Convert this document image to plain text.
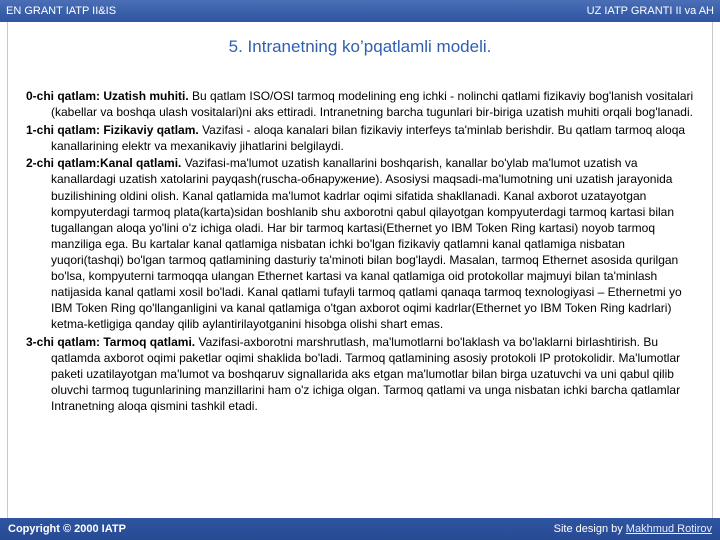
EN GRANT IATP II&IS	UZ IATP GRANTI II va AH
5. Intranetning ko’pqatlamli modeli.

0-chi qatlam: Uzatish muhiti. Bu qatlam ISO/OSI tarmoq modelining eng ichki - nolinchi qatlami fizikaviy bog'lanish vositalari (kabellar va boshqa ulash vositalari)ni aks ettiradi. Intranetning barcha tugunlari bir-biriga uzatish muhiti orqali bog'lanadi.

1-chi qatlam: Fizikaviy qatlam. Vazifasi - aloqa kanalari bilan fizikaviy interfeys ta'minlab berishdir. Bu qatlam tarmoq aloqa kanallarining elektr va mexanikaviy jihatlarini belgilaydi.

2-chi qatlam:Kanal qatlami. Vazifasi-ma'lumot uzatish kanallarini boshqarish, kanallar bo'ylab ma'lumot uzatish va kanallardagi uzatish xatolarini payqash(ruscha-обнаружение). Asosiysi maqsadi-ma'lumotning uni uzatish jarayonida buzilishining oldini olish. Kanal qatlamida ma'lumot kadrlar oqimi sifatida shakllanadi. Kanal axborot uzatayotgan kompyuterdagi tarmoq plata(karta)sidan boshlanib shu axborotni qabul qilayotgan kompyuterdagi tarmoq kartasi bilan tugallangan aloqa yo'lini o'z ichiga oladi. Har bir tarmoq kartasi(Ethernet yo IBM Token Ring kartasi) noyob tarmoq manziliga ega. Bu kartalar kanal qatlamiga nisbatan ichki bo'lgan fizikaviy qatlamni kanal qatlamiga nisbatan yuqori(tashqi) bo'lgan tarmoq qatlamining dasturiy ta'minoti bilan bog'laydi. Masalan, tarmoq Ethernet asosida qurilgan bo'lsa, kompyuterni tarmoqqa ulangan Ethernet kartasi va kanal qatlamiga oid protokollar majmuyi bilan ta'minlash natijasida kanal qatlami xosil bo'ladi. Kanal qatlami tufayli tarmoq qatlami qanaqa tarmoq texnologiyasi – Ethernetmi yo IBM Token Ring qo'llanganligini va kanal qatlamiga o'tgan axborot oqimi kadrlar(Ethernet yo IBM Token Ring kadrlari) ketma-ketligiga qanday qilib aylantirilayotganini hisobga olishi shart emas.

3-chi qatlam: Tarmoq qatlami. Vazifasi-axborotni marshrutlash, ma'lumotlarni bo'laklash va bo'laklarni birlashtirish. Bu qatlamda axborot oqimi paketlar oqimi shaklida bo'ladi. Tarmoq qatlamining asosiy protokoli IP protokolidir. Ma'lumotlar paketi uzatilayotgan ma'lumot va boshqaruv signallarida aks etgan ma'lumotlar bilan birga uzatuvchi va uni qabul qilib oluvchi tarmoq tugunlarining manzillarini ham o'z ichiga olgan. Tarmoq qatlami va unga nisbatan ichki barcha qatlamlar Intranetning aloqa qismini tashkil etadi.

Copyright © 2000 IATP	Site design by Makhmud Rotirov
